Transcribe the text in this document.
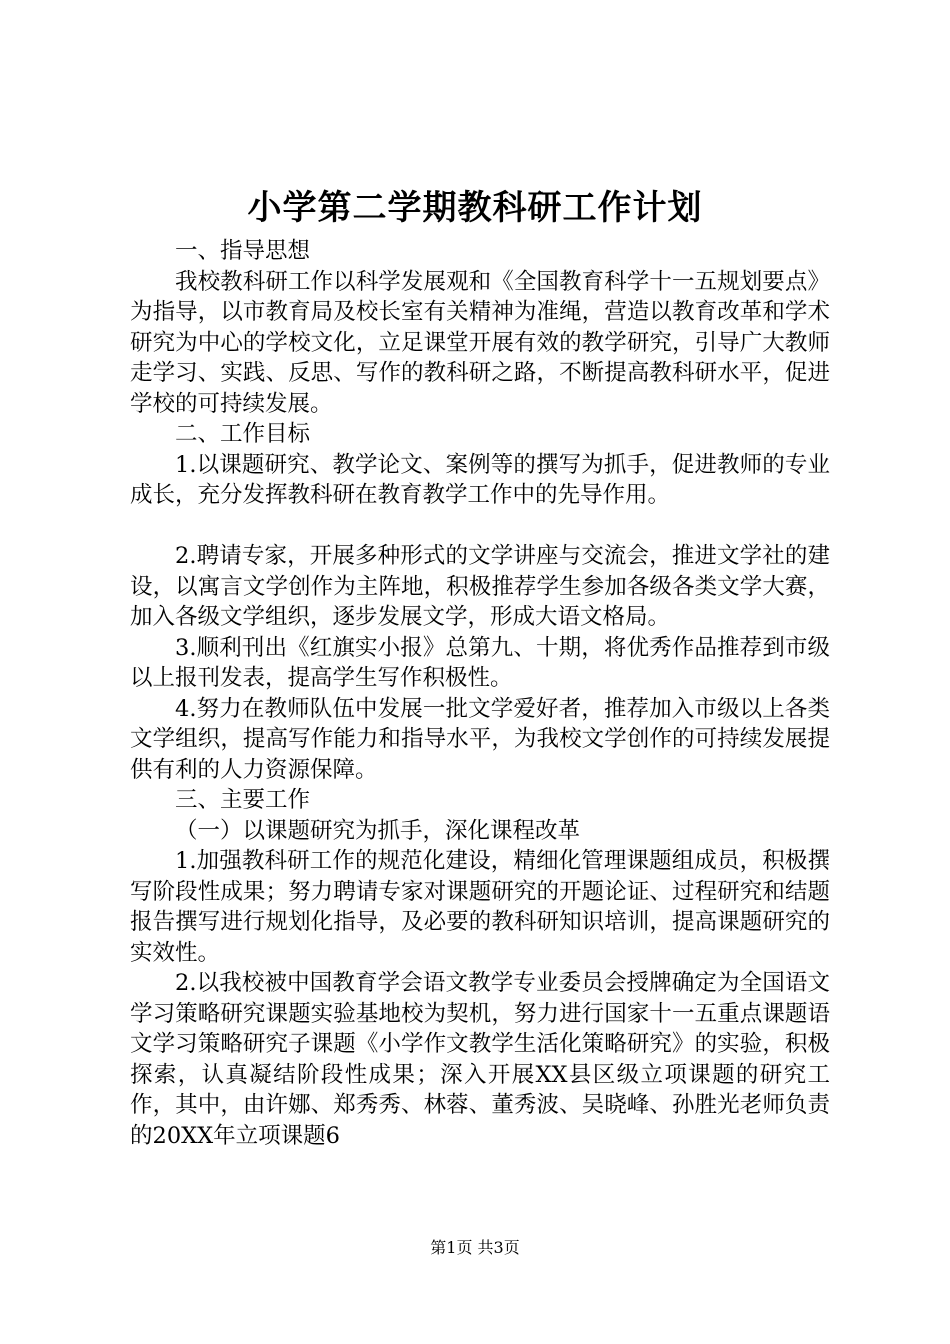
小学第二学期教科研工作计划

一、指导思想

我校教科研工作以科学发展观和《全国教育科学十一五规划要点》为指导，以市教育局及校长室有关精神为准绳，营造以教育改革和学术研究为中心的学校文化，立足课堂开展有效的教学研究，引导广大教师走学习、实践、反思、写作的教科研之路，不断提高教科研水平，促进学校的可持续发展。

二、工作目标

1.以课题研究、教学论文、案例等的撰写为抓手，促进教师的专业成长，充分发挥教科研在教育教学工作中的先导作用。

2.聘请专家，开展多种形式的文学讲座与交流会，推进文学社的建设，以寓言文学创作为主阵地，积极推荐学生参加各级各类文学大赛，加入各级文学组织，逐步发展文学，形成大语文格局。

3.顺利刊出《红旗实小报》总第九、十期，将优秀作品推荐到市级以上报刊发表，提高学生写作积极性。

4.努力在教师队伍中发展一批文学爱好者，推荐加入市级以上各类文学组织，提高写作能力和指导水平，为我校文学创作的可持续发展提供有利的人力资源保障。

三、主要工作

（一）以课题研究为抓手，深化课程改革

1.加强教科研工作的规范化建设，精细化管理课题组成员，积极撰写阶段性成果；努力聘请专家对课题研究的开题论证、过程研究和结题报告撰写进行规划化指导，及必要的教科研知识培训，提高课题研究的实效性。

2.以我校被中国教育学会语文教学专业委员会授牌确定为全国语文学习策略研究课题实验基地校为契机，努力进行国家十一五重点课题语文学习策略研究子课题《小学作文教学生活化策略研究》的实验，积极探索，认真凝结阶段性成果；深入开展XX县区级立项课题的研究工作，其中，由许娜、郑秀秀、林蓉、董秀波、吴晓峰、孙胜光老师负责的20XX年立项课题6

第1页 共3页
